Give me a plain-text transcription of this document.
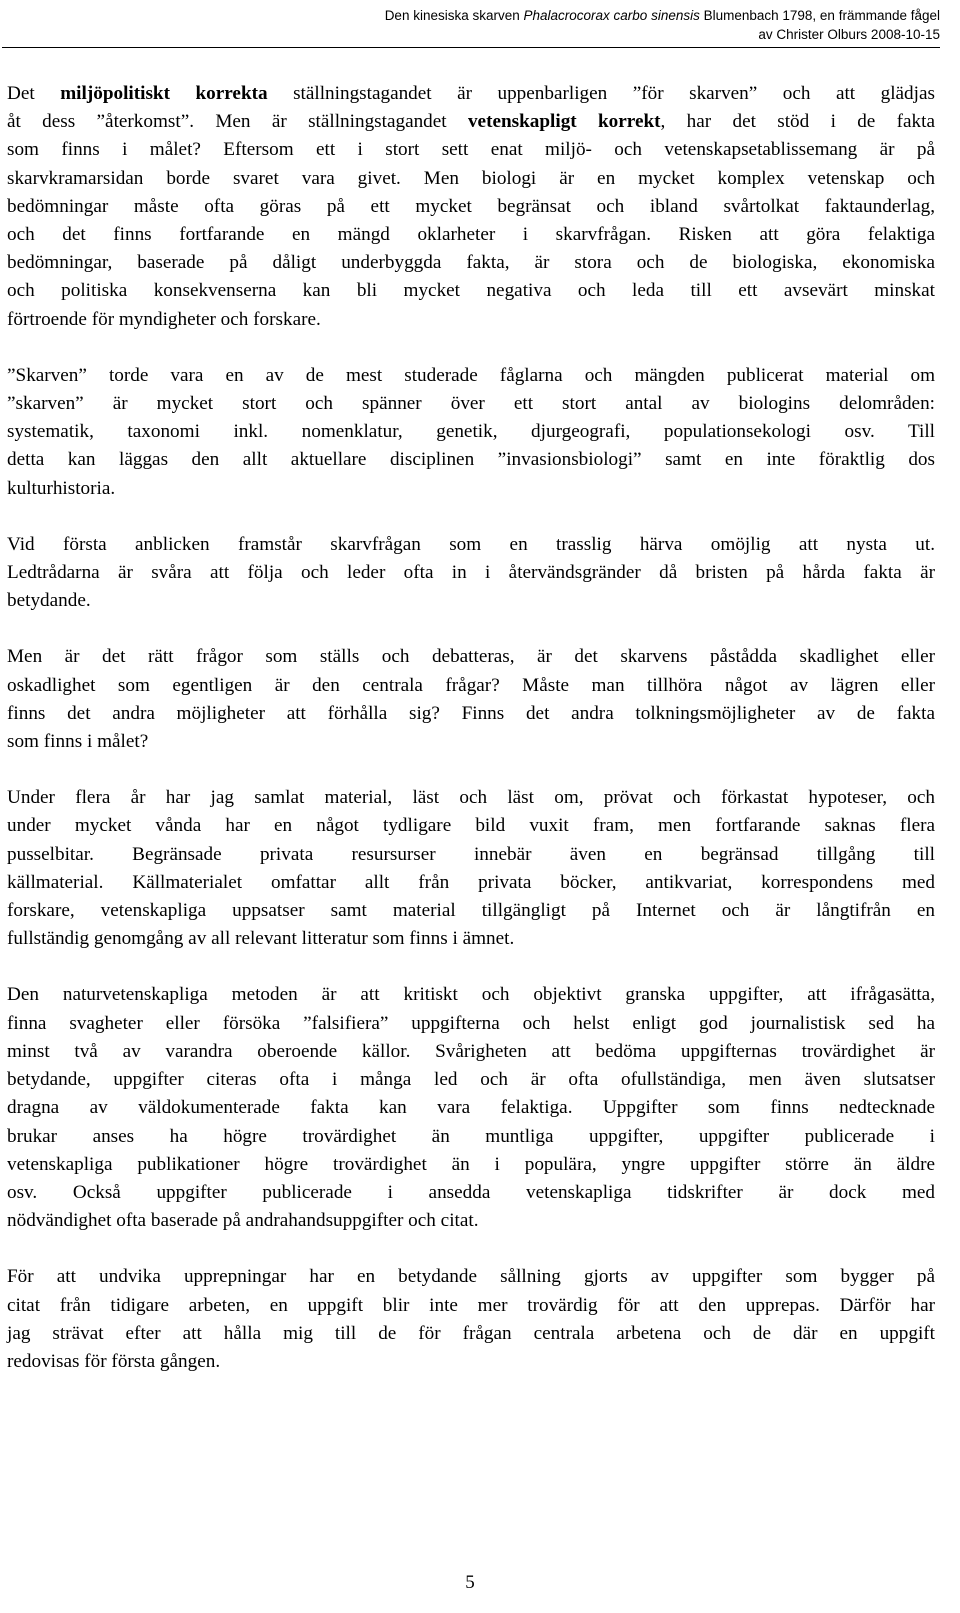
Den kinesiska skarven Phalacrocorax carbo sinensis Blumenbach 1798, en främmande fågel
av Christer Olburs 2008-10-15
Det miljöpolitiskt korrekta ställningstagandet är uppenbarligen ”för skarven” och att glädjas
åt dess ”återkomst”. Men är ställningstagandet vetenskapligt korrekt, har det stöd i de fakta
som finns i målet? Eftersom ett i stort sett enat miljö- och vetenskapsetablissemang är på
skarvkramarsidan borde svaret vara givet. Men biologi är en mycket komplex vetenskap och
bedömningar måste ofta göras på ett mycket begränsat och ibland svårtolkat faktaunderlag,
och det finns fortfarande en mängd oklarheter i skarvfrågan. Risken att göra felaktiga
bedömningar, baserade på dåligt underbyggda fakta, är stora och de biologiska, ekonomiska
och politiska konsekvenserna kan bli mycket negativa och leda till ett avsevärt minskat
förtroende för myndigheter och forskare.
”Skarven” torde vara en av de mest studerade fåglarna och mängden publicerat material om
”skarven” är mycket stort och spänner över ett stort antal av biologins delområden:
systematik, taxonomi inkl. nomenklatur, genetik, djurgeografi, populationsekologi osv. Till
detta kan läggas den allt aktuellare disciplinen ”invasionsbiologi” samt en inte föraktlig dos
kulturhistoria.
Vid första anblicken framstår skarvfrågan som en trasslig härva omöjlig att nysta ut.
Ledtrådarna är svåra att följa och leder ofta in i återvändsgränder då bristen på hårda fakta är
betydande.
Men är det rätt frågor som ställs och debatteras, är det skarvens påstådda skadlighet eller
oskadlighet som egentligen är den centrala frågar? Måste man tillhöra något av lägren eller
finns det andra möjligheter att förhålla sig? Finns det andra tolkningsmöjligheter av de fakta
som finns i målet?
Under flera år har jag samlat material, läst och läst om, prövat och förkastat hypoteser, och
under mycket vånda har en något tydligare bild vuxit fram, men fortfarande saknas flera
pusselbitar. Begränsade privata resursurser innebär även en begränsad tillgång till
källmaterial. Källmaterialet omfattar allt från privata böcker, antikvariat, korrespondens med
forskare, vetenskapliga uppsatser samt material tillgängligt på Internet och är långtifrån en
fullständig genomgång av all relevant litteratur som finns i ämnet.
Den naturvetenskapliga metoden är att kritiskt och objektivt granska uppgifter, att ifrågasätta,
finna svagheter eller försöka ”falsifiera” uppgifterna och helst enligt god journalistisk sed ha
minst två av varandra oberoende källor. Svårigheten att bedöma uppgifternas trovärdighet är
betydande, uppgifter citeras ofta i många led och är ofta ofullständiga, men även slutsatser
dragna av väldokumenterade fakta kan vara felaktiga. Uppgifter som finns nedtecknade
brukar anses ha högre trovärdighet än muntliga uppgifter, uppgifter publicerade i
vetenskapliga publikationer högre trovärdighet än i populära, yngre uppgifter större än äldre
osv. Också uppgifter publicerade i ansedda vetenskapliga tidskrifter är dock med
nödvändighet ofta baserade på andrahandsuppgifter och citat.
För att undvika upprepningar har en betydande sållning gjorts av uppgifter som bygger på
citat från tidigare arbeten, en uppgift blir inte mer trovärdig för att den upprepas. Därför har
jag strävat efter att hålla mig till de för frågan centrala arbetena och de där en uppgift
redovisas för första gången.
5
